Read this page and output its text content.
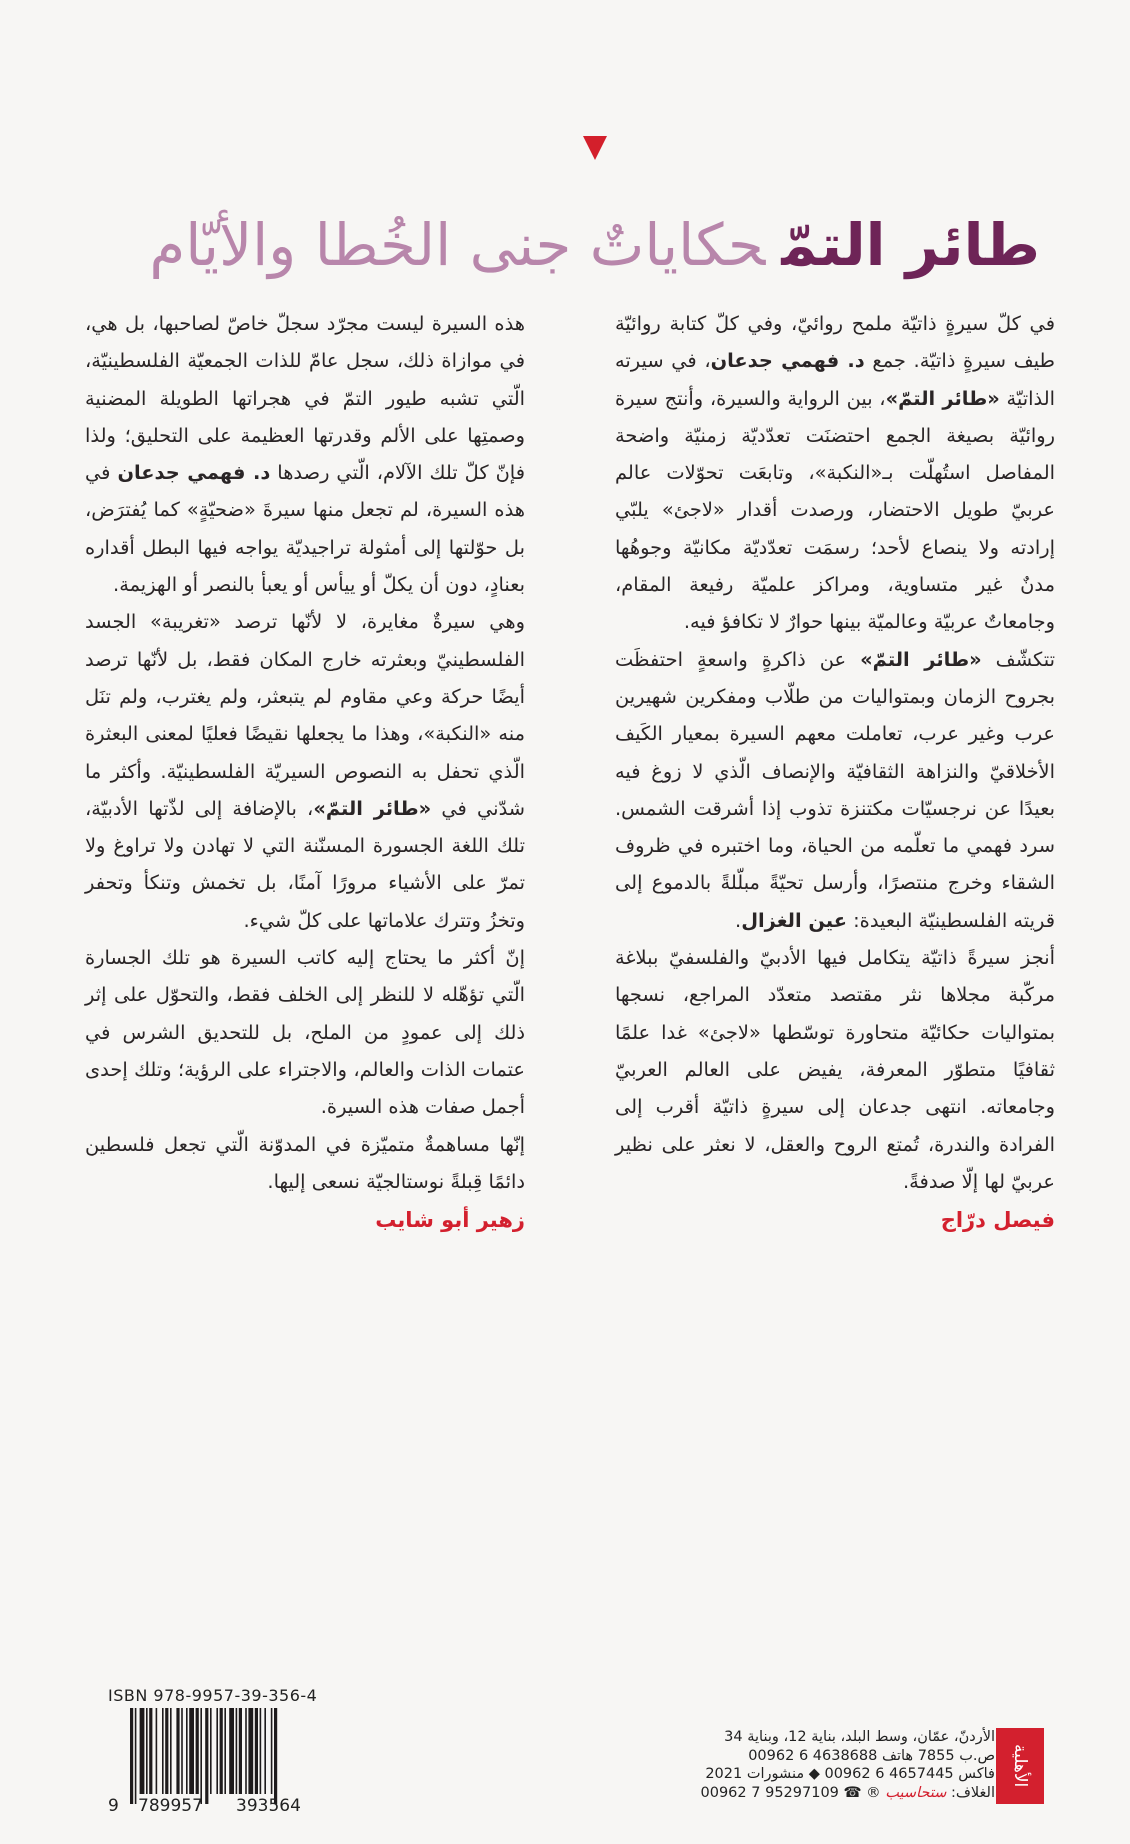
طائر التمّحكاياتٌ جنى الخُطا والأيّام

في كلّ سيرةٍ ذاتيّة ملمح روائيّ، وفي كلّ كتابة روائيّة طيف سيرةٍ ذاتيّة. جمع د. فهمي جدعان، في سيرته الذاتيّة «طائر التمّ»، بين الرواية والسيرة، وأنتج سيرة روائيّة بصيغة الجمع احتضنَت تعدّديّة زمنيّة واضحة المفاصل استُهلّت بـ«النكبة»، وتابعَت تحوّلات عالم عربيّ طويل الاحتضار، ورصدت أقدار «لاجئ» يلبّي إرادته ولا ينصاع لأحد؛ رسمَت تعدّديّة مكانيّة وجوهُها مدنٌ غير متساوية، ومراكز علميّة رفيعة المقام، وجامعاتٌ عربيّة وعالميّة بينها حوارٌ لا تكافؤ فيه.

تتكشّف «طائر التمّ» عن ذاكرةٍ واسعةٍ احتفظَت بجروح الزمان وبمتواليات من طلّاب ومفكرين شهيرين عرب وغير عرب، تعاملت معهم السيرة بمعيار الكَيف الأخلاقيّ والنزاهة الثقافيّة والإنصاف الّذي لا زوغ فيه بعيدًا عن نرجسيّات مكتنزة تذوب إذا أشرقت الشمس. سرد فهمي ما تعلّمه من الحياة، وما اختبره في ظروف الشقاء وخرج منتصرًا، وأرسل تحيّةً مبلّلةً بالدموع إلى قريته الفلسطينيّة البعيدة: عين الغزال.

أنجز سيرةً ذاتيّة يتكامل فيها الأدبيّ والفلسفيّ ببلاغة مركّبة مجلاها نثر مقتصد متعدّد المراجع، نسجها بمتواليات حكائيّة متحاورة توسّطها «لاجئ» غدا علمًا ثقافيًا متطوّر المعرفة، يفيض على العالم العربيّ وجامعاته. انتهى جدعان إلى سيرةٍ ذاتيّة أقرب إلى الفرادة والندرة، تُمتع الروح والعقل، لا نعثر على نظير عربيّ لها إلّا صدفةً.

فيصل درّاج

هذه السيرة ليست مجرّد سجلّ خاصّ لصاحبها، بل هي، في موازاة ذلك، سجل عامّ للذات الجمعيّة الفلسطينيّة، الّتي تشبه طيور التمّ في هجراتها الطويلة المضنية وصمتِها على الألم وقدرتها العظيمة على التحليق؛ ولذا فإنّ كلّ تلك الآلام، الّتي رصدها د. فهمي جدعان في هذه السيرة، لم تجعل منها سيرةَ «ضحيّةٍ» كما يُفترَض، بل حوّلتها إلى أمثولة تراجيديّة يواجه فيها البطل أقداره بعنادٍ، دون أن يكلّ أو ييأس أو يعبأ بالنصر أو الهزيمة.

وهي سيرةٌ مغايرة، لا لأنّها ترصد «تغريبة» الجسد الفلسطينيّ وبعثرته خارج المكان فقط، بل لأنّها ترصد أيضًا حركة وعي مقاوم لم يتبعثر، ولم يغترب، ولم تنَل منه «النكبة»، وهذا ما يجعلها نقيضًا فعليًا لمعنى البعثرة الّذي تحفل به النصوص السيريّة الفلسطينيّة. وأكثر ما شدّني في «طائر التمّ»، بالإضافة إلى لذّتها الأدبيّة، تلك اللغة الجسورة المسنّنة التي لا تهادن ولا تراوغ ولا تمرّ على الأشياء مرورًا آمنًا، بل تخمش وتنكأ وتحفر وتخزُ وتترك علاماتها على كلّ شيء.

إنّ أكثر ما يحتاج إليه كاتب السيرة هو تلك الجسارة الّتي تؤهّله لا للنظر إلى الخلف فقط، والتحوّل على إثر ذلك إلى عمودٍ من الملح، بل للتحديق الشرس في عتمات الذات والعالم، والاجتراء على الرؤية؛ وتلك إحدى أجمل صفات هذه السيرة.

إنّها مساهمةٌ متميّزة في المدوّنة الّتي تجعل فلسطين دائمًا قِبلةً نوستالجيّة نسعى إليها.

زهير أبو شايب

ISBN 978-9957-39-356-4

9 789957 393564

الأردنّ، عمّان، وسط البلد، بناية 12، وبناية 34

ص.ب 7855 هاتف 4638688 6 00962

فاكس 4657445 6 00962 ◆ منشورات 2021

الغلاف: ستحاسيب ® ☎ 95297109 7 00962

الأهلية
